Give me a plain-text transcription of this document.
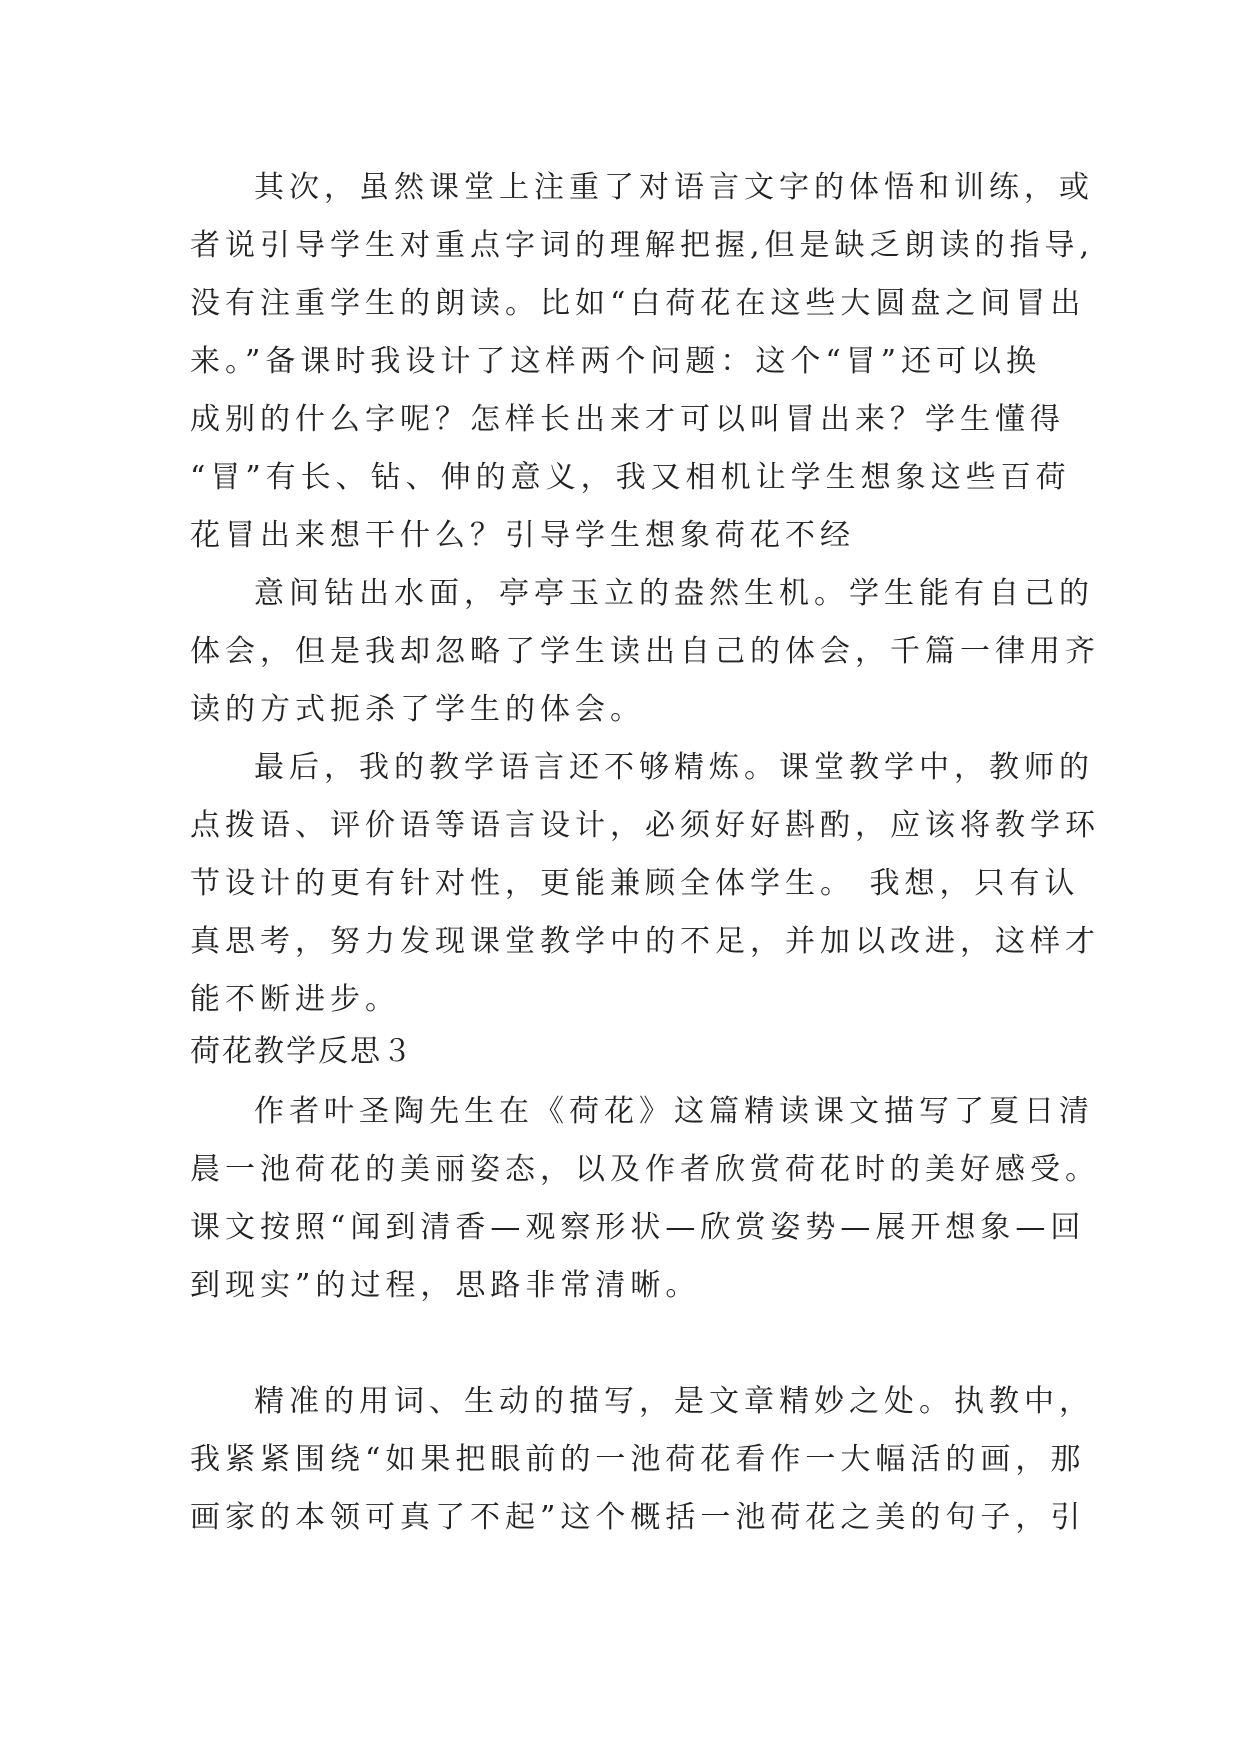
其次，虽然课堂上注重了对语言文字的体悟和训练，或

者说引导学生对重点字词的理解把握,但是缺乏朗读的指导,

没有注重学生的朗读。比如“白荷花在这些大圆盘之间冒出

来。”备课时我设计了这样两个问题：这个“冒”还可以换

成别的什么字呢？怎样长出来才可以叫冒出来？学生懂得

“冒”有长、钻、伸的意义，我又相机让学生想象这些百荷

花冒出来想干什么？引导学生想象荷花不经

意间钻出水面，亭亭玉立的盎然生机。学生能有自己的

体会，但是我却忽略了学生读出自己的体会，千篇一律用齐

读的方式扼杀了学生的体会。

最后，我的教学语言还不够精炼。课堂教学中，教师的

点拨语、评价语等语言设计，必须好好斟酌，应该将教学环

节设计的更有针对性，更能兼顾全体学生。 我想，只有认

真思考，努力发现课堂教学中的不足，并加以改进，这样才

能不断进步。

荷花教学反思３

作者叶圣陶先生在《荷花》这篇精读课文描写了夏日清

晨一池荷花的美丽姿态，以及作者欣赏荷花时的美好感受。

课文按照“闻到清香—观察形状—欣赏姿势—展开想象—回

到现实”的过程，思路非常清晰。

精准的用词、生动的描写，是文章精妙之处。执教中，

我紧紧围绕“如果把眼前的一池荷花看作一大幅活的画，那

画家的本领可真了不起”这个概括一池荷花之美的句子，引
